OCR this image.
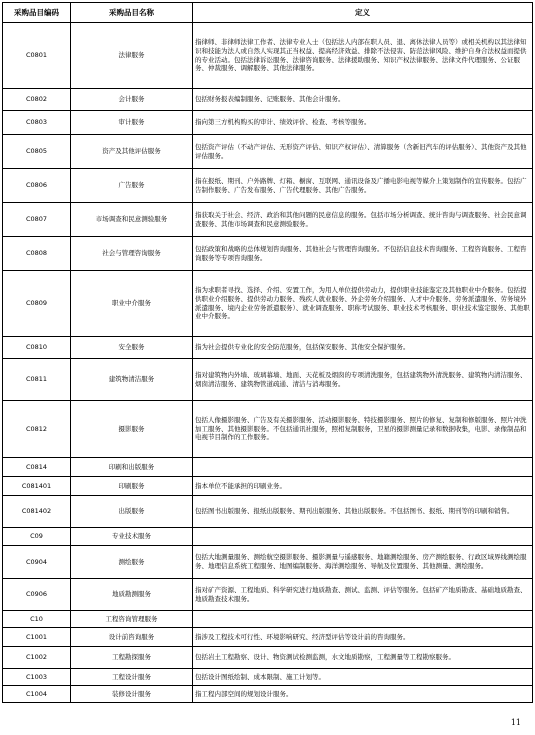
采购品目编码	采购品目名称	定义
C0801	法律服务	指律师、非律师法律工作者、法律专业人士（包括法人内部在职人员、退、离休法律人员等）或相关机构以其法律知识和技能为法人或自然人实现其正当权益、提高经济效益、排除不法侵害、防范法律风险、维护自身合法权益而提供的专业活动。包括法律诉讼服务、法律咨询服务、法律援助服务、知识产权法律服务、法律文件代理服务、公证服务、仲裁服务、调解服务、其他法律服务。
C0802	会计服务	包括财务报表编制服务、记账服务、其他会计服务。
C0803	审计服务	指向第三方机构购买的审计、绩效评价、检查、考核等服务。
C0805	资产及其他评估服务	包括资产评估（不动产评估、无形资产评估、知识产权评估）、清算服务（含新旧汽车的评估服务）、其他资产及其他评估服务。
C0806	广告服务	指在报纸、期刊、户外路牌、灯箱、橱窗、互联网、通讯设备及广播电影电视等媒介上策划制作的宣传服务。包括广告制作服务、广告发布服务、广告代理服务、其他广告服务。
C0807	市场调查和民意测验服务	指获取关于社会、经济、政治和其他问题的民意信息的服务。包括市场分析调查、统计咨询与调查服务、社会民意调查服务、其他市场调查和民意测验服务。
C0808	社会与管理咨询服务	包括政策和战略的总体规划咨询服务、其他社会与管理咨询服务。不包括信息技术咨询服务、工程咨询服务、工程咨询服务等专项咨询服务。
C0809	职业中介服务	指为求职者寻找、选择、介绍、安置工作，为用人单位提供劳动力，提供职业技能鉴定及其他职业中介服务。包括提供职业介绍服务、提供劳动力服务、残疾人就业服务、外企劳务介绍服务、人才中介服务、劳务派遣服务、劳务境外派遣服务、境内企业劳务派遣服务）、就业调查服务、职称考试服务、职业技术考核服务、职业技术鉴定服务、其他职业中介服务。
C0810	安全服务	指为社会提供专业化的安全防范服务，包括保安服务、其他安全保护服务。
C0811	建筑物清洁服务	指对建筑物内外墙、玻璃幕墙、地面、天花板及烟囱的专项清洗服务，包括建筑物外清洗服务、建筑物内清洁服务、烟囱清洁服务、建筑物管道疏通、清洁与消毒服务。
C0812	摄影服务	包括人像摄影服务、广告及有关摄影服务、活动摄影服务、特技摄影服务、照片的修复、复制和修版服务、照片冲洗加工服务、其他摄影服务。不包括通讯社服务，照相复制服务，卫星的摄影测量记录和数据收集，电影、录像制品和电视节目制作的工作服务。
C0814	印刷和出版服务	
C081401	印刷服务	指本单位不能承担的印刷业务。
C081402	出版服务	包括图书出版服务、报纸出版服务、期刊出版服务、其他出版服务。不包括图书、报纸、期刊等的印刷和销售。
C09	专业技术服务	
C0904	测绘服务	包括大地测量服务、测绘航空摄影服务、摄影测量与遥感服务、地籍测绘服务、房产测绘服务、行政区域界线测绘服务、地理信息系统工程服务、地图编制服务、海洋测绘服务、导航及位置服务、其他测量、测绘服务。
C0906	地质勘测服务	指对矿产资源、工程地质、科学研究进行地质勘查、测试、监测、评估等服务。包括矿产地质勘查、基础地质勘查、地质勘查技术服务。
C10	工程咨询管理服务	
C1001	设计前咨询服务	指涉及工程技术可行性、环境影响研究、经济型评估等设计前的咨询服务。
C1002	工程勘探服务	包括岩土工程勘察、设计、物资测试检测监测，水文地质勘察，工程测量等工程勘察服务。
C1003	工程设计服务	包括设计图纸绘制、成本限制、施工计划等。
C1004	装修设计服务	指工程内部空间的规划设计服务。
11
